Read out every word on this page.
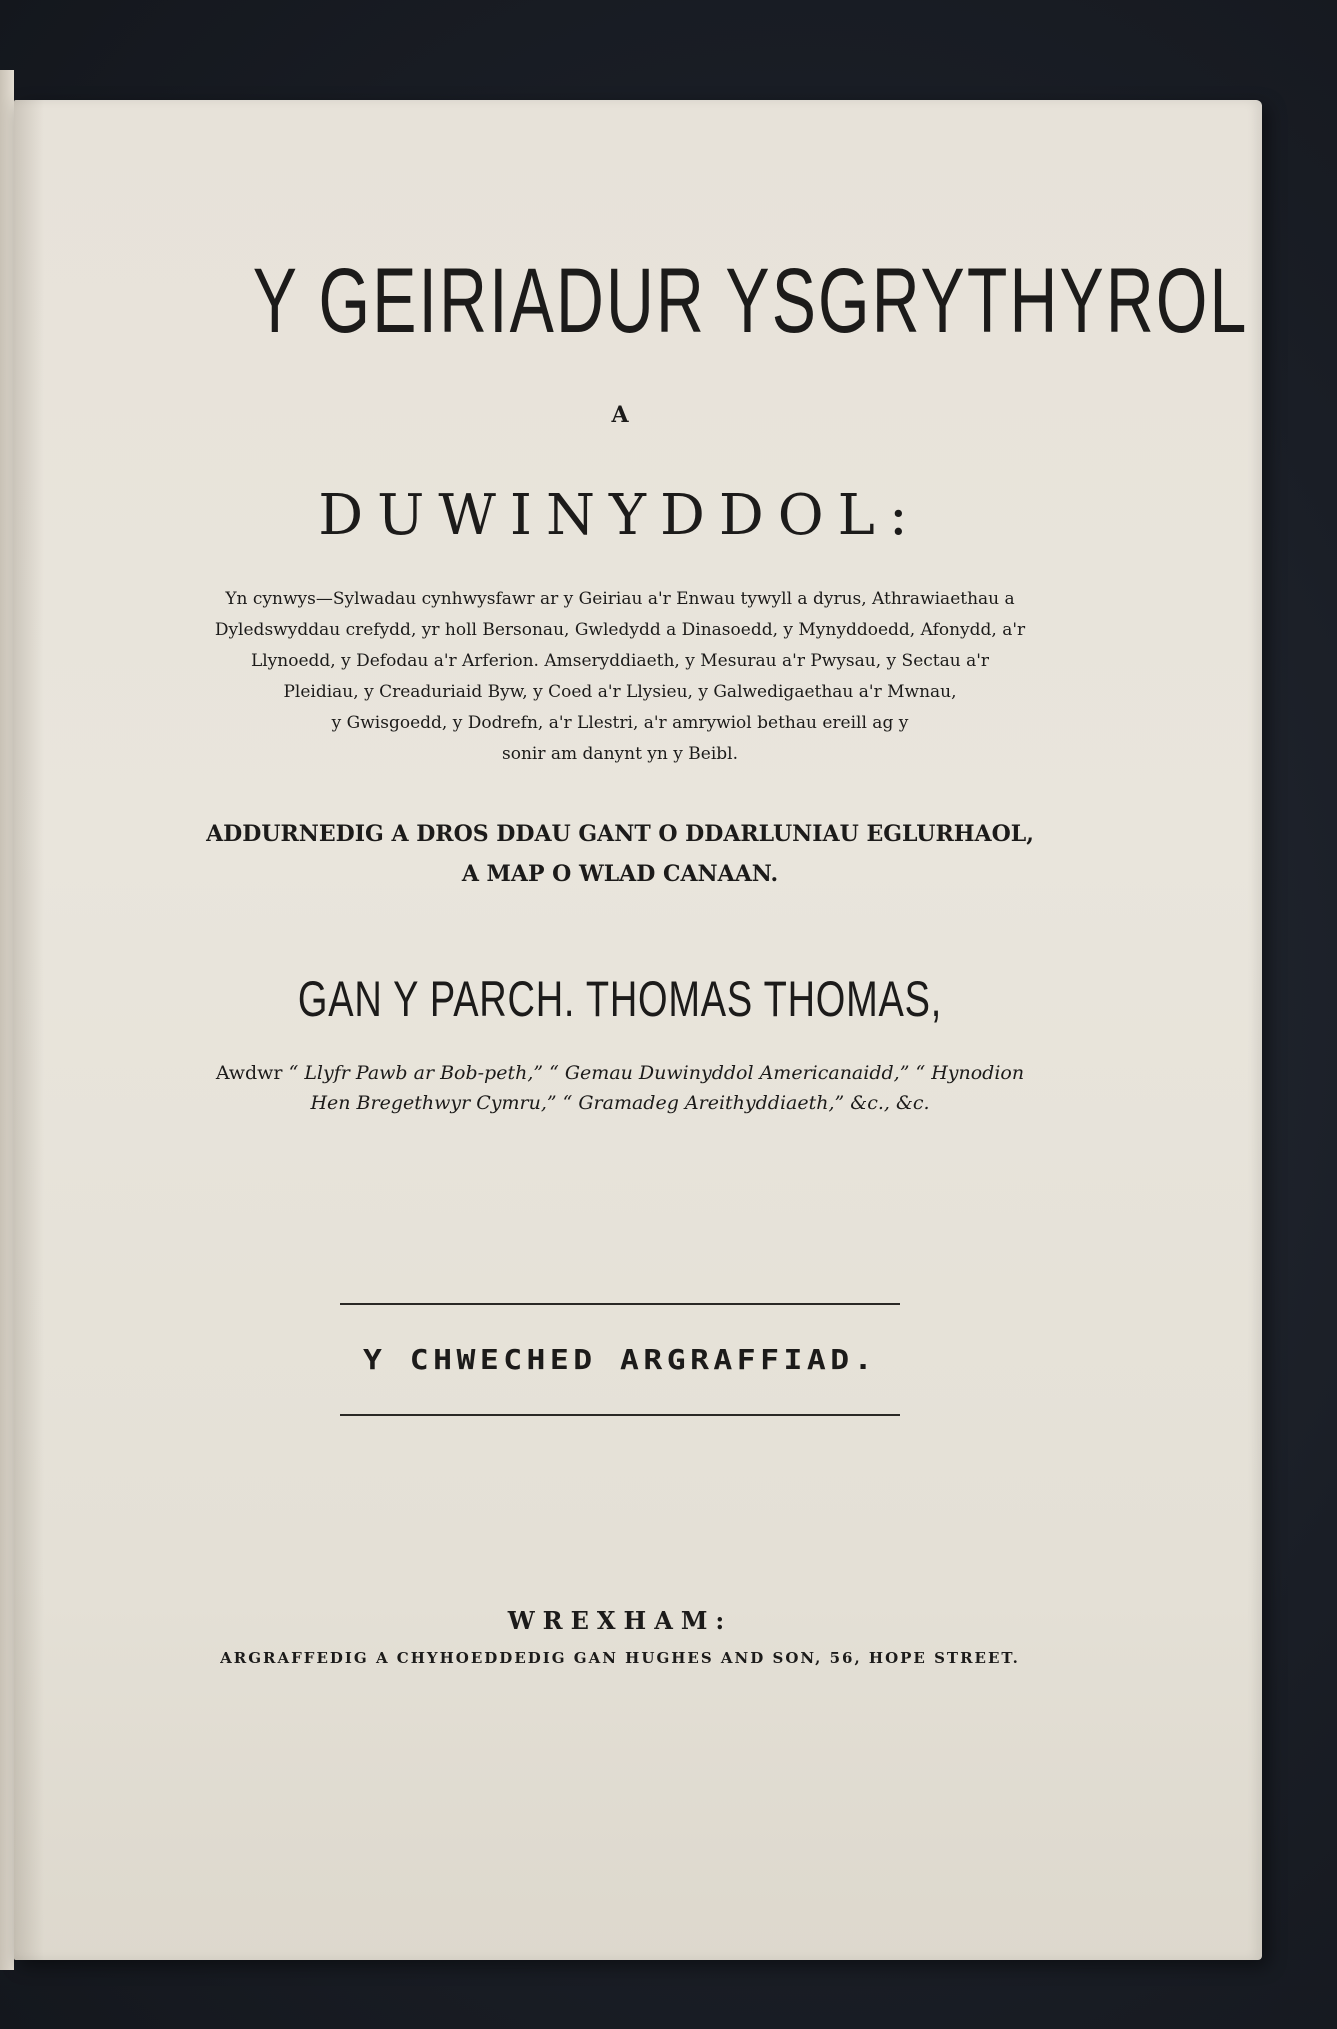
Y GEIRIADUR YSGRYTHYROL
A
DUWINYDDOL:
Yn cynwys—Sylwadau cynhwysfawr ar y Geiriau a'r Enwau tywyll a dyrus, Athrawiaethau a
Dyledswyddau crefydd, yr holl Bersonau, Gwledydd a Dinasoedd, y Mynyddoedd, Afonydd, a'r
Llynoedd, y Defodau a'r Arferion. Amseryddiaeth, y Mesurau a'r Pwysau, y Sectau a'r
Pleidiau, y Creaduriaid Byw, y Coed a'r Llysieu, y Galwedigaethau a'r Mwnau,
y Gwisgoedd, y Dodrefn, a'r Llestri, a'r amrywiol bethau ereill ag y
sonir am danynt yn y Beibl.
ADDURNEDIG A DROS DDAU GANT O DDARLUNIAU EGLURHAOL,
A MAP O WLAD CANAAN.
GAN Y PARCH. THOMAS THOMAS,
Awdwr “ Llyfr Pawb ar Bob-peth,” “ Gemau Duwinyddol Americanaidd,” “ Hynodion
Hen Bregethwyr Cymru,” “ Gramadeg Areithyddiaeth,” &c., &c.
Y CHWECHED ARGRAFFIAD.
WREXHAM:
ARGRAFFEDIG A CHYHOEDDEDIG GAN HUGHES AND SON, 56, HOPE STREET.
